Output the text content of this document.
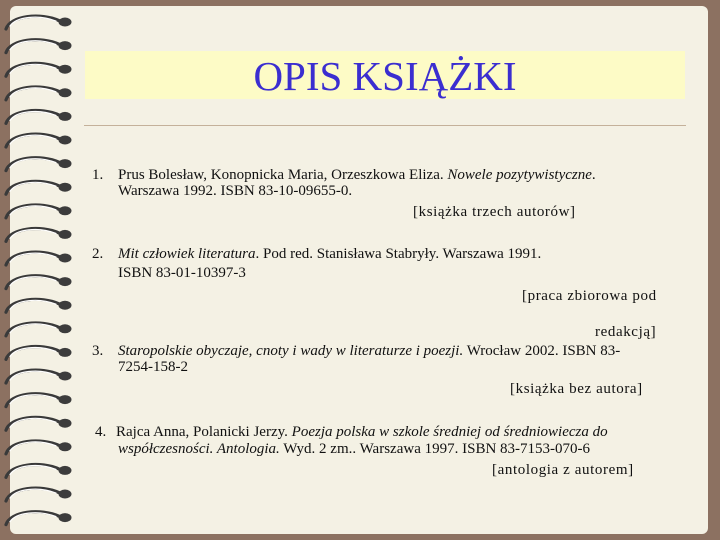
OPIS KSIĄŻKI
1. Prus Bolesław, Konopnicka Maria, Orzeszkowa Eliza. Nowele pozytywistyczne.
Warszawa 1992. ISBN 83-10-09655-0.
[książka trzech autorów]
2. Mit człowiek literatura. Pod red. Stanisława Stabryły. Warszawa 1991.
ISBN 83-01-10397-3
[praca zbiorowa pod
redakcją]
3. Staropolskie obyczaje, cnoty i wady w literaturze i poezji. Wrocław 2002. ISBN 83-
7254-158-2
[książka bez autora]
4. Rajca Anna, Polanicki Jerzy. Poezja polska w szkole średniej od średniowiecza do
współczesności. Antologia. Wyd. 2 zm.. Warszawa 1997. ISBN 83-7153-070-6
[antologia z autorem]
